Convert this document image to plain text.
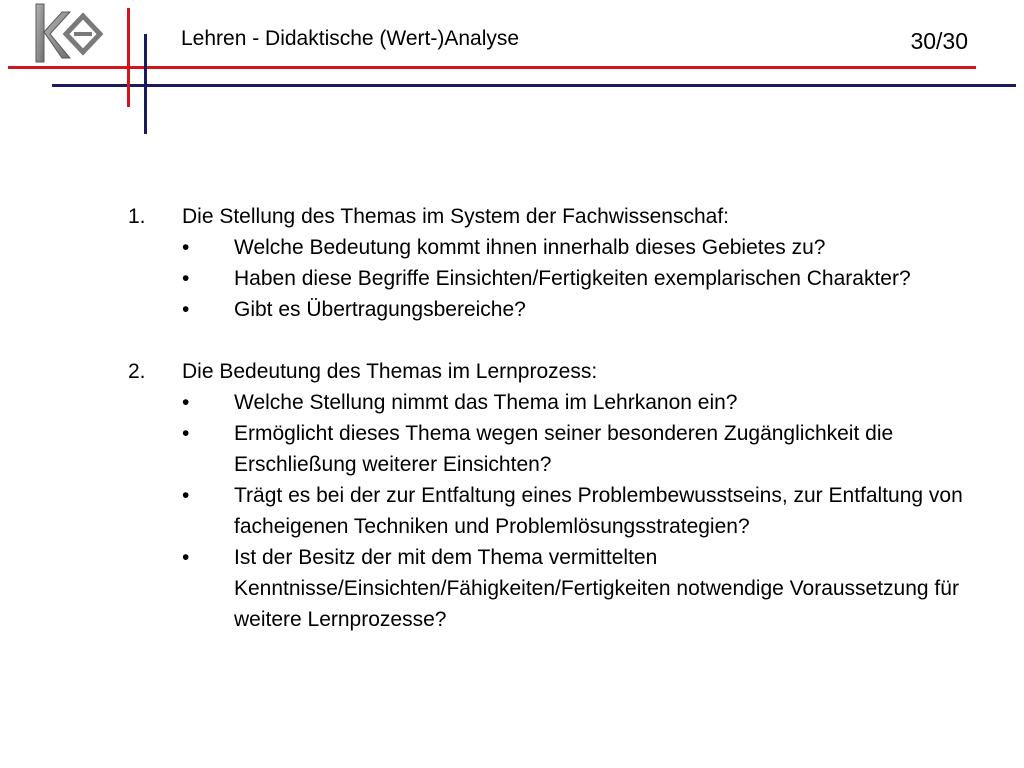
Lehren - Didaktische (Wert-)Analyse	30/30
1.	Die Stellung des Themas im System der Fachwissenschaf:
•	Welche Bedeutung kommt ihnen innerhalb dieses Gebietes zu?
•	Haben diese Begriffe Einsichten/Fertigkeiten exemplarischen Charakter?
•	Gibt es Übertragungsbereiche?
2.	Die Bedeutung des Themas im Lernprozess:
•	Welche Stellung nimmt das Thema im Lehrkanon ein?
•	Ermöglicht dieses Thema wegen seiner besonderen Zugänglichkeit die Erschließung weiterer Einsichten?
•	Trägt es bei der zur Entfaltung eines Problembewusstseins, zur Entfaltung von facheigenen Techniken und Problemlösungsstrategien?
•	Ist der Besitz der mit dem Thema vermittelten Kenntnisse/Einsichten/Fähigkeiten/Fertigkeiten notwendige Voraussetzung für weitere Lernprozesse?
